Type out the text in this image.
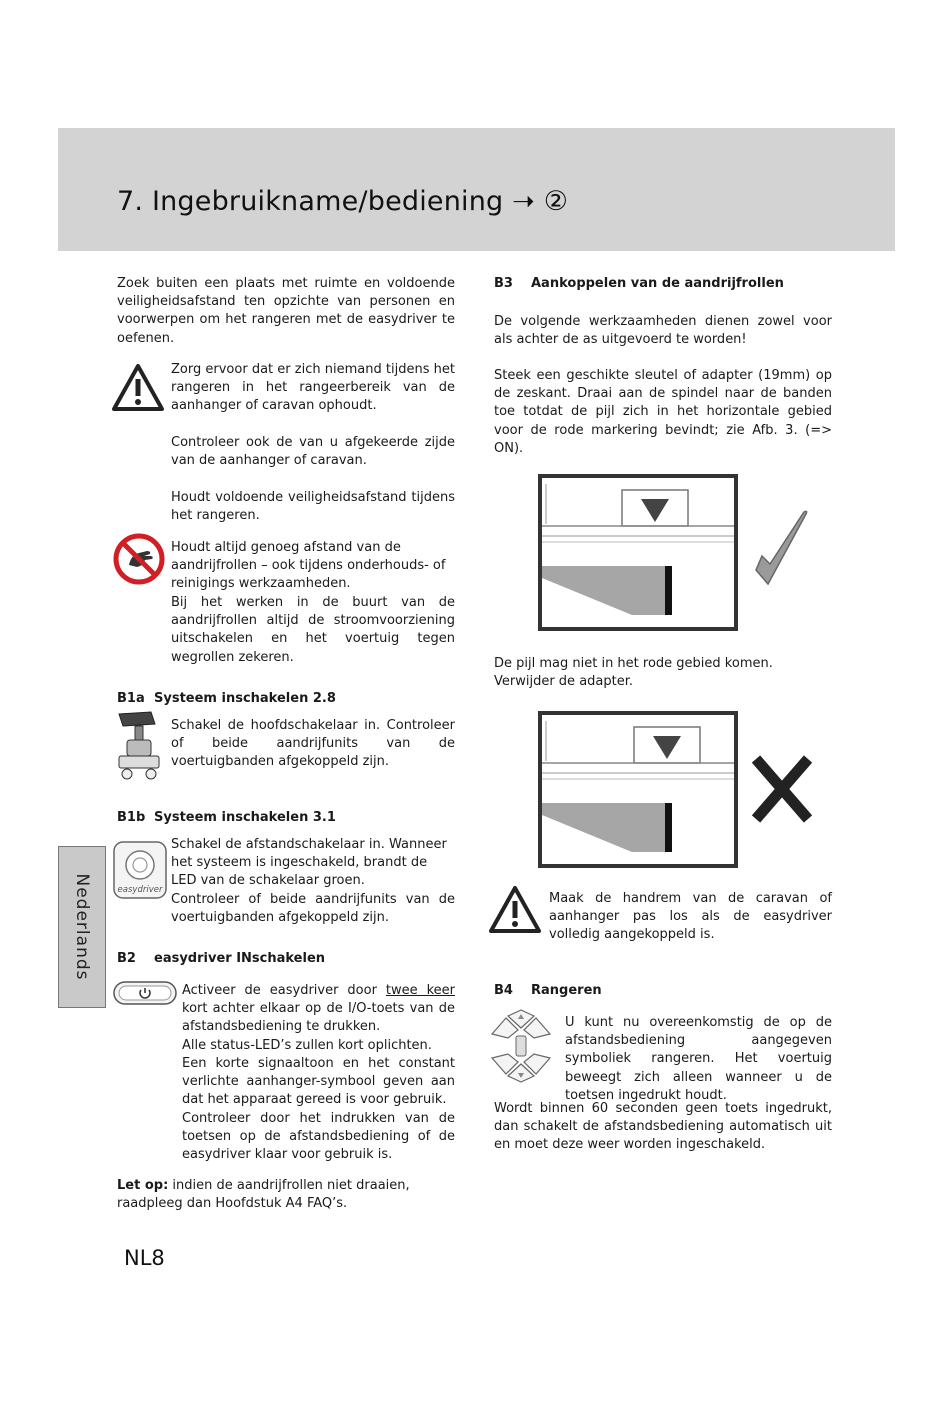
7. Ingebruikname/bediening ➝ ②

Zoek buiten een plaats met ruimte en voldoende veiligheidsafstand ten opzichte van personen en voorwerpen om het rangeren met de easydriver te oefenen.

Zorg ervoor dat er zich niemand tijdens het rangeren in het rangeerbereik van de aanhanger of caravan ophoudt.

Controleer ook de van u afgekeerde zijde van de aanhanger of caravan.

Houdt voldoende veiligheidsafstand tijdens het rangeren.

Houdt altijd genoeg afstand van de aandrijfrollen – ook tijdens onderhouds- of reinigings werkzaamheden.

Bij het werken in de buurt van de aandrijfrollen altijd de stroomvoorziening uitschakelen en het voertuig tegen wegrollen zekeren.

B1a Systeem inschakelen 2.8

Schakel de hoofdschakelaar in. Controleer of beide aandrijfunits van de voertuigbanden afgekoppeld zijn.

B1b Systeem inschakelen 3.1
easydriver

Schakel de afstandschakelaar in. Wanneer het systeem is ingeschakeld, brandt de LED van de schakelaar groen.

Controleer of beide aandrijfunits van de voertuigbanden afgekoppeld zijn.

B2 easydriver INschakelen

Activeer de easydriver door twee keer kort achter elkaar op de I/O-toets van de afstandsbediening te drukken.

Alle status-LED’s zullen kort oplichten.

Een korte signaaltoon en het constant verlichte aanhanger-symbool geven aan dat het apparaat gereed is voor gebruik.

Controleer door het indrukken van de toetsen op de afstandsbediening of de easydriver klaar voor gebruik is.

Let op: indien de aandrijfrollen niet draaien, raadpleeg dan Hoofdstuk A4 FAQ’s.

Nederlands

NL8

B3 Aankoppelen van de aandrijfrollen

De volgende werkzaamheden dienen zowel voor als achter de as uitgevoerd te worden!

Steek een geschikte sleutel of adapter (19mm) op de zeskant. Draai aan de spindel naar de banden toe totdat de pijl zich in het horizontale gebied voor de rode markering bevindt; zie Afb. 3. (=> ON).

De pijl mag niet in het rode gebied komen. Verwijder de adapter.

Maak de handrem van de caravan of aanhanger pas los als de easydriver volledig aangekoppeld is.

B4 Rangeren

U kunt nu overeenkomstig de op de afstandsbediening aangegeven symboliek rangeren. Het voertuig beweegt zich alleen wanneer u de toetsen ingedrukt houdt.

Wordt binnen 60 seconden geen toets ingedrukt, dan schakelt de afstandsbediening automatisch uit en moet deze weer worden ingeschakeld.
